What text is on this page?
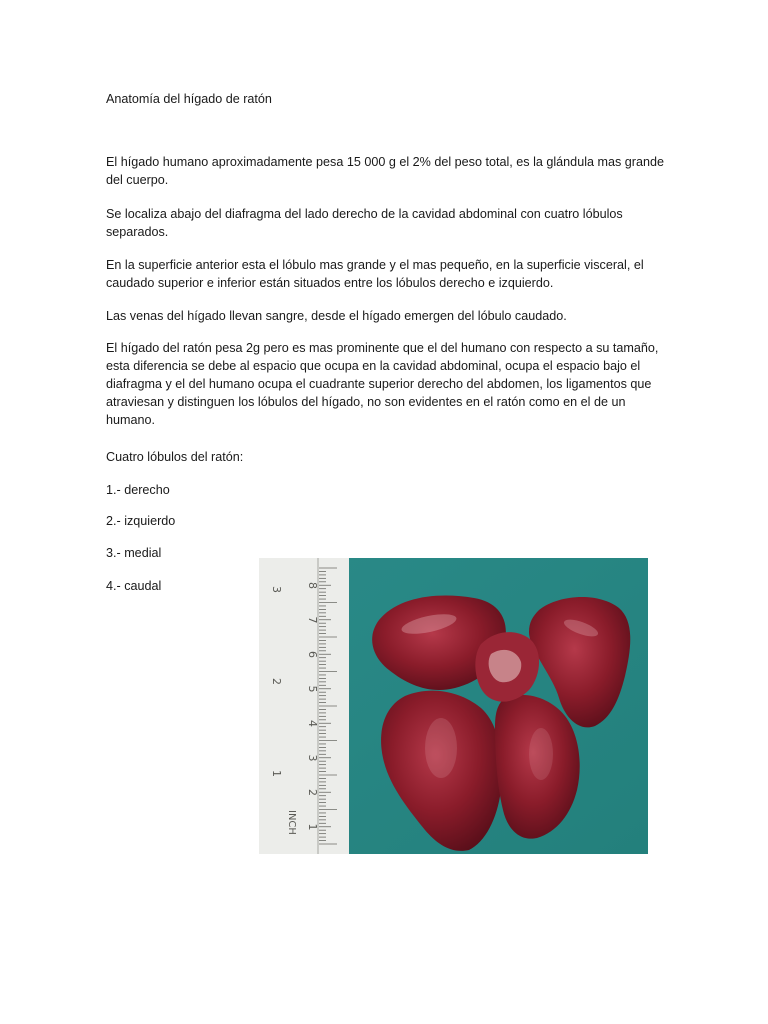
Anatomía del hígado de ratón

El hígado humano aproximadamente pesa 15 000 g el 2% del peso total, es la glándula mas grande del cuerpo.

Se localiza abajo del diafragma del lado derecho de la cavidad abdominal con cuatro lóbulos separados.

En la superficie anterior esta el lóbulo mas grande y el mas pequeño, en la superficie visceral, el caudado superior e inferior están situados entre los lóbulos derecho e izquierdo.

Las venas del hígado llevan sangre, desde el hígado emergen del lóbulo caudado.

El hígado del ratón pesa 2g pero es mas prominente que el del humano con respecto a su tamaño, esta diferencia se debe al espacio que ocupa en la cavidad abdominal, ocupa el espacio bajo el diafragma y el del humano ocupa el cuadrante superior derecho del abdomen, los ligamentos que atraviesan y distinguen los lóbulos del hígado, no son evidentes en el ratón como en el de un humano.

Cuatro lóbulos del ratón:

1.- derecho

2.- izquierdo

3.- medial

4.- caudal	8
7
6
5
4
3
2
1
3
2
1
INCH
